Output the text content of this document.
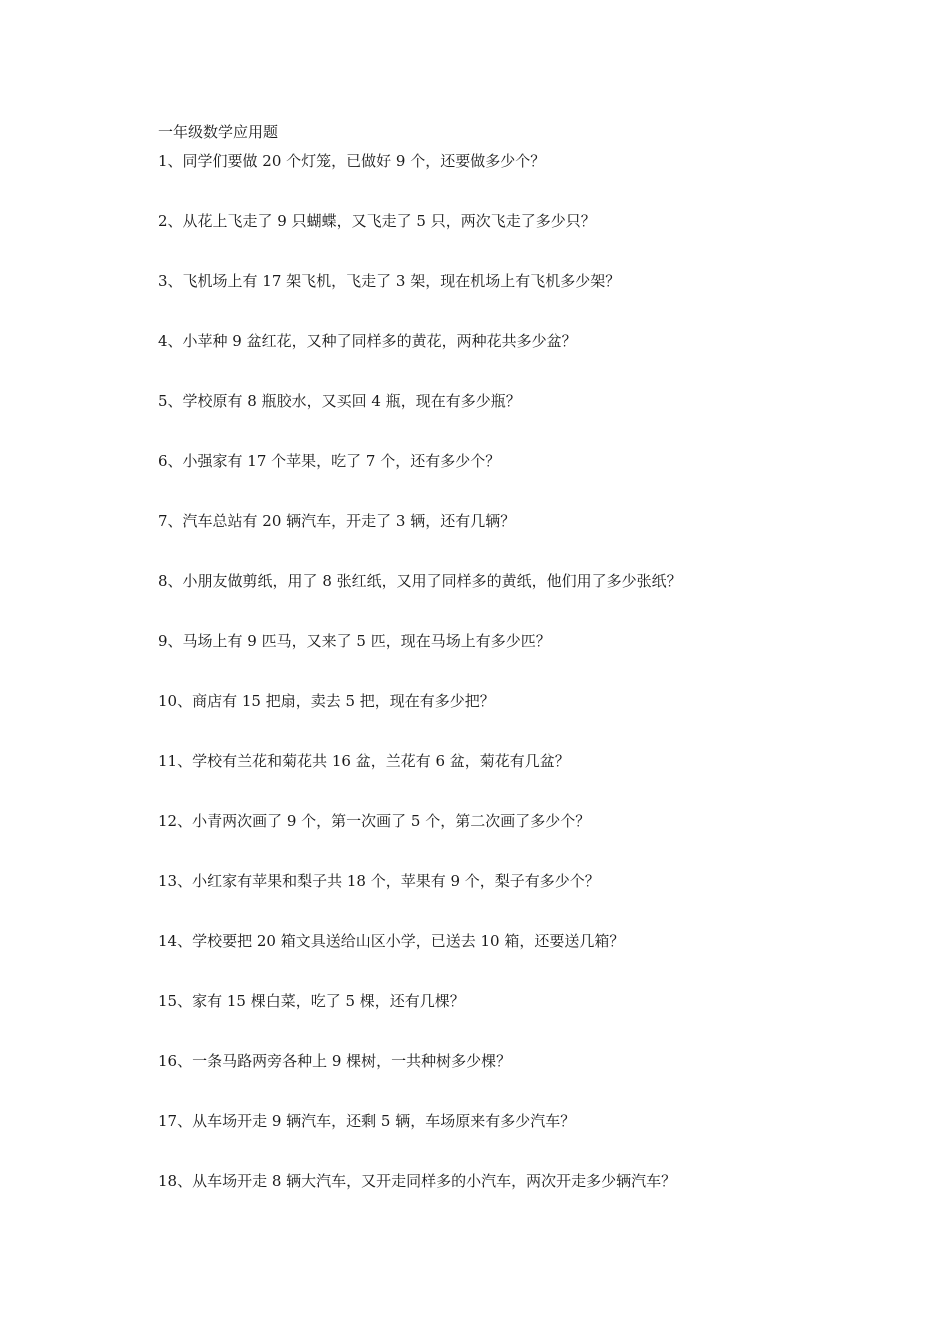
一年级数学应用题
1、同学们要做 20 个灯笼，已做好 9 个，还要做多少个？
2、从花上飞走了 9 只蝴蝶，又飞走了 5 只，两次飞走了多少只？
3、飞机场上有 17 架飞机，飞走了 3 架，现在机场上有飞机多少架？
4、小苹种 9 盆红花，又种了同样多的黄花，两种花共多少盆？
5、学校原有 8 瓶胶水，又买回 4 瓶，现在有多少瓶？
6、小强家有 17 个苹果，吃了 7 个，还有多少个？
7、汽车总站有 20 辆汽车，开走了 3 辆，还有几辆？
8、小朋友做剪纸，用了 8 张红纸，又用了同样多的黄纸，他们用了多少张纸？
9、马场上有 9 匹马，又来了 5 匹，现在马场上有多少匹？
10、商店有 15 把扇，卖去 5 把，现在有多少把？
11、学校有兰花和菊花共 16 盆，兰花有 6 盆，菊花有几盆？
12、小青两次画了 9 个，第一次画了 5 个，第二次画了多少个？
13、小红家有苹果和梨子共 18 个，苹果有 9 个，梨子有多少个？
14、学校要把 20 箱文具送给山区小学，已送去 10 箱，还要送几箱？
15、家有 15 棵白菜，吃了 5 棵，还有几棵？
16、一条马路两旁各种上 9 棵树，一共种树多少棵？
17、从车场开走 9 辆汽车，还剩 5 辆，车场原来有多少汽车？
18、从车场开走 8 辆大汽车，又开走同样多的小汽车，两次开走多少辆汽车？
